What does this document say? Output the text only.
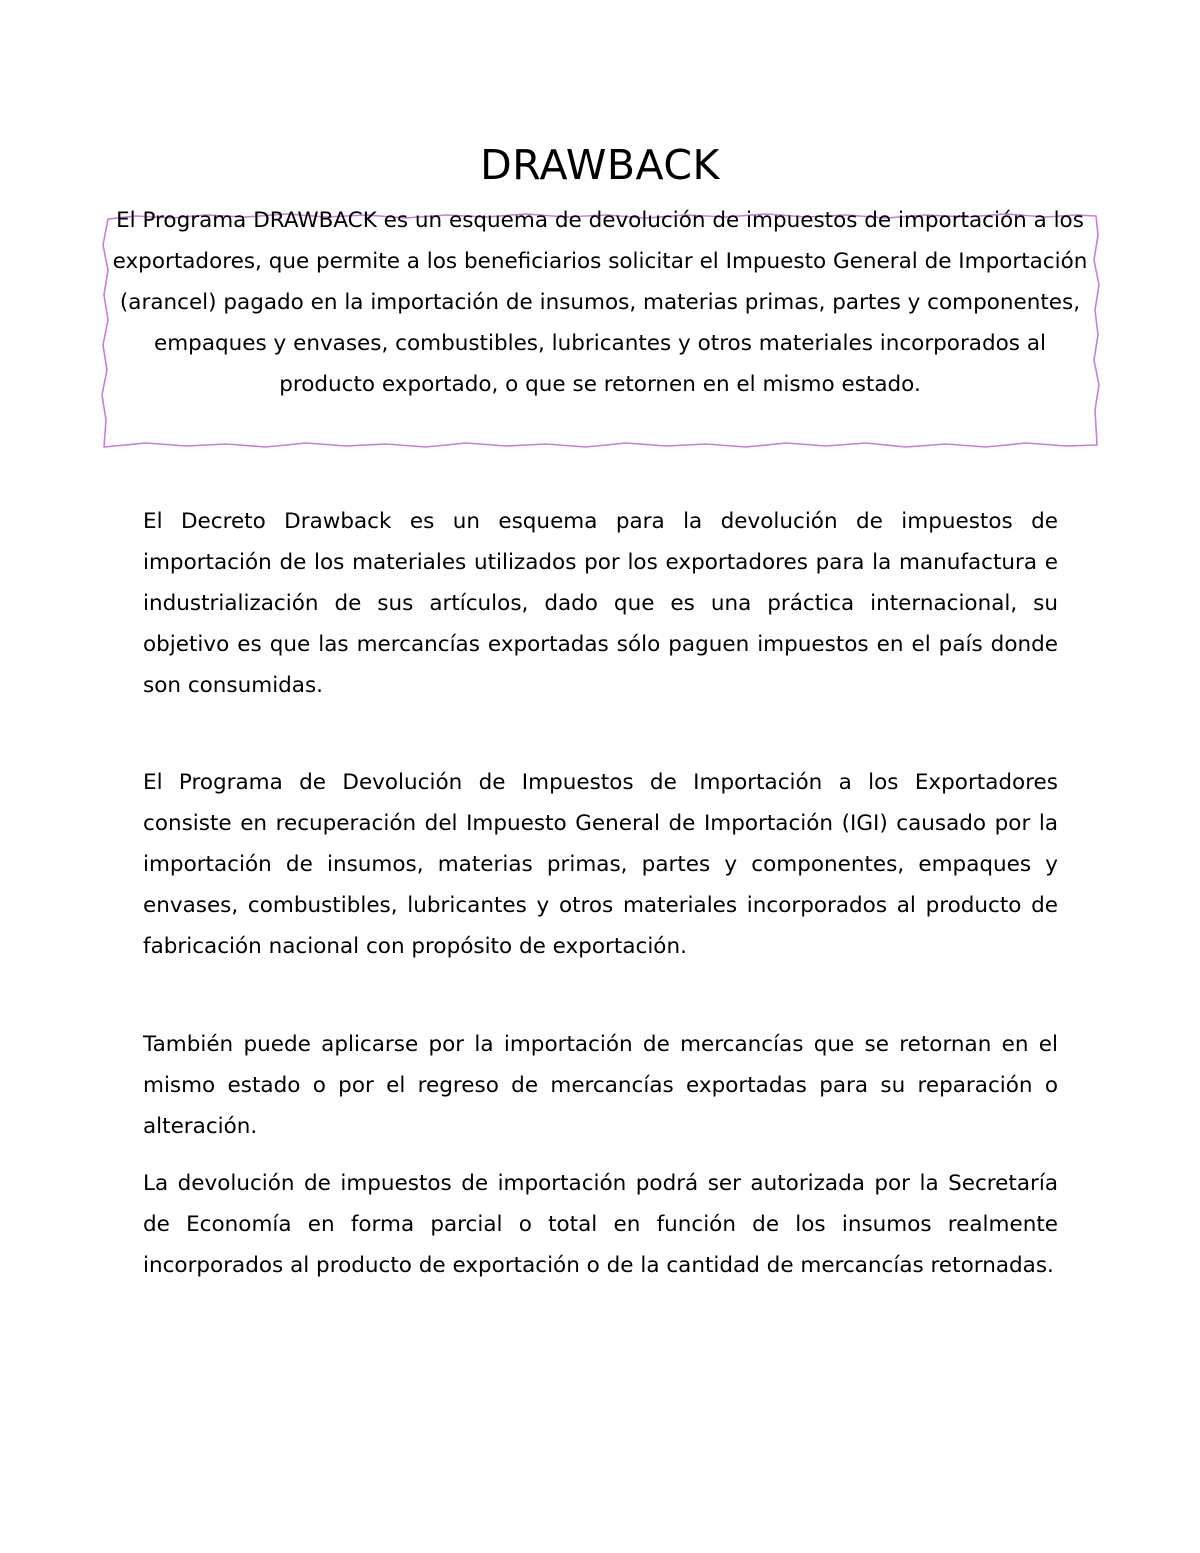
DRAWBACK

El Programa DRAWBACK es un esquema de devolución de impuestos de importación a los exportadores, que permite a los beneficiarios solicitar el Impuesto General de Importación (arancel) pagado en la importación de insumos, materias primas, partes y componentes, empaques y envases, combustibles, lubricantes y otros materiales incorporados al producto exportado, o que se retornen en el mismo estado.

El Decreto Drawback es un esquema para la devolución de impuestos de importación de los materiales utilizados por los exportadores para la manufactura e industrialización de sus artículos, dado que es una práctica internacional, su objetivo es que las mercancías exportadas sólo paguen impuestos en el país donde son consumidas.

El Programa de Devolución de Impuestos de Importación a los Exportadores consiste en recuperación del Impuesto General de Importación (IGI) causado por la importación de insumos, materias primas, partes y componentes, empaques y envases, combustibles, lubricantes y otros materiales incorporados al producto de fabricación nacional con propósito de exportación.

También puede aplicarse por la importación de mercancías que se retornan en el mismo estado o por el regreso de mercancías exportadas para su reparación o alteración.

La devolución de impuestos de importación podrá ser autorizada por la Secretaría de Economía en forma parcial o total en función de los insumos realmente incorporados al producto de exportación o de la cantidad de mercancías retornadas.
